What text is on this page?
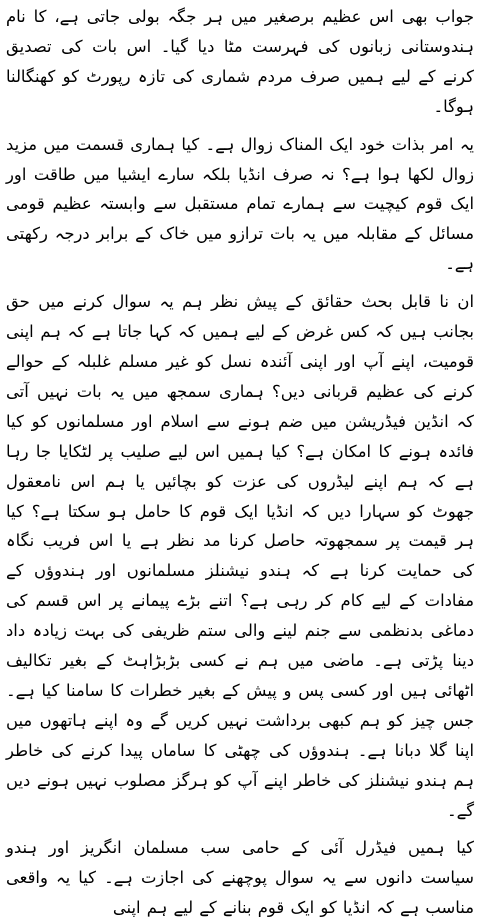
جواب بھی اس عظیم برصغیر میں ہر جگہ بولی جاتی ہے، کا نام ہندوستانی زبانوں کی فہرست مٹا دیا گیا۔ اس بات کی تصدیق کرنے کے لیے ہمیں صرف مردم شماری کی تازہ رپورٹ کو کھنگالنا ہوگا۔

یہ امر بذات خود ایک المناک زوال ہے۔ کیا ہماری قسمت میں مزید زوال لکھا ہوا ہے؟ نہ صرف انڈیا بلکہ سارے ایشیا میں طاقت اور ایک قوم کیچیت سے ہمارے تمام مستقبل سے وابستہ عظیم قومی مسائل کے مقابلہ میں یہ بات ترازو میں خاک کے برابر درجہ رکھتی ہے۔

ان نا قابل بحث حقائق کے پیش نظر ہم یہ سوال کرنے میں حق بجانب ہیں کہ کس غرض کے لیے ہمیں کہ کہا جاتا ہے کہ ہم اپنی قومیت، اپنے آپ اور اپنی آئندہ نسل کو غیر مسلم غلبلہ کے حوالے کرنے کی عظیم قربانی دیں؟ ہماری سمجھ میں یہ بات نہیں آتی کہ انڈین فیڈریشن میں ضم ہونے سے اسلام اور مسلمانوں کو کیا فائدہ ہونے کا امکان ہے؟ کیا ہمیں اس لیے صلیب پر لٹکایا جا رہا ہے کہ ہم اپنے لیڈروں کی عزت کو بچائیں یا ہم اس نامعقول جھوٹ کو سہارا دیں کہ انڈیا ایک قوم کا حامل ہو سکتا ہے؟ کیا ہر قیمت پر سمجھوتہ حاصل کرنا مد نظر ہے یا اس فریب نگاہ کی حمایت کرنا ہے کہ ہندو نیشنلز مسلمانوں اور ہندوؤں کے مفادات کے لیے کام کر رہی ہے؟ اتنے بڑے پیمانے پر اس قسم کی دماغی بدنظمی سے جنم لینے والی ستم ظریفی کی بہت زیادہ داد دینا پڑتی ہے۔ ماضی میں ہم نے کسی بڑبڑاہٹ کے بغیر تکالیف اٹھائی ہیں اور کسی پس و پیش کے بغیر خطرات کا سامنا کیا ہے۔ جس چیز کو ہم کبھی برداشت نہیں کریں گے وہ اپنے ہاتھوں میں اپنا گلا دبانا ہے۔ ہندوؤں کی چھٹی کا ساماں پیدا کرنے کی خاطر ہم ہندو نیشنلز کی خاطر اپنے آپ کو ہرگز مصلوب نہیں ہونے دیں گے۔

کیا ہمیں فیڈرل آئی کے حامی سب مسلمان انگریز اور ہندو سیاست دانوں سے یہ سوال پوچھنے کی اجازت ہے۔ کیا یہ واقعی مناسب ہے کہ انڈیا کو ایک قوم بنانے کے لیے ہم اپنی
